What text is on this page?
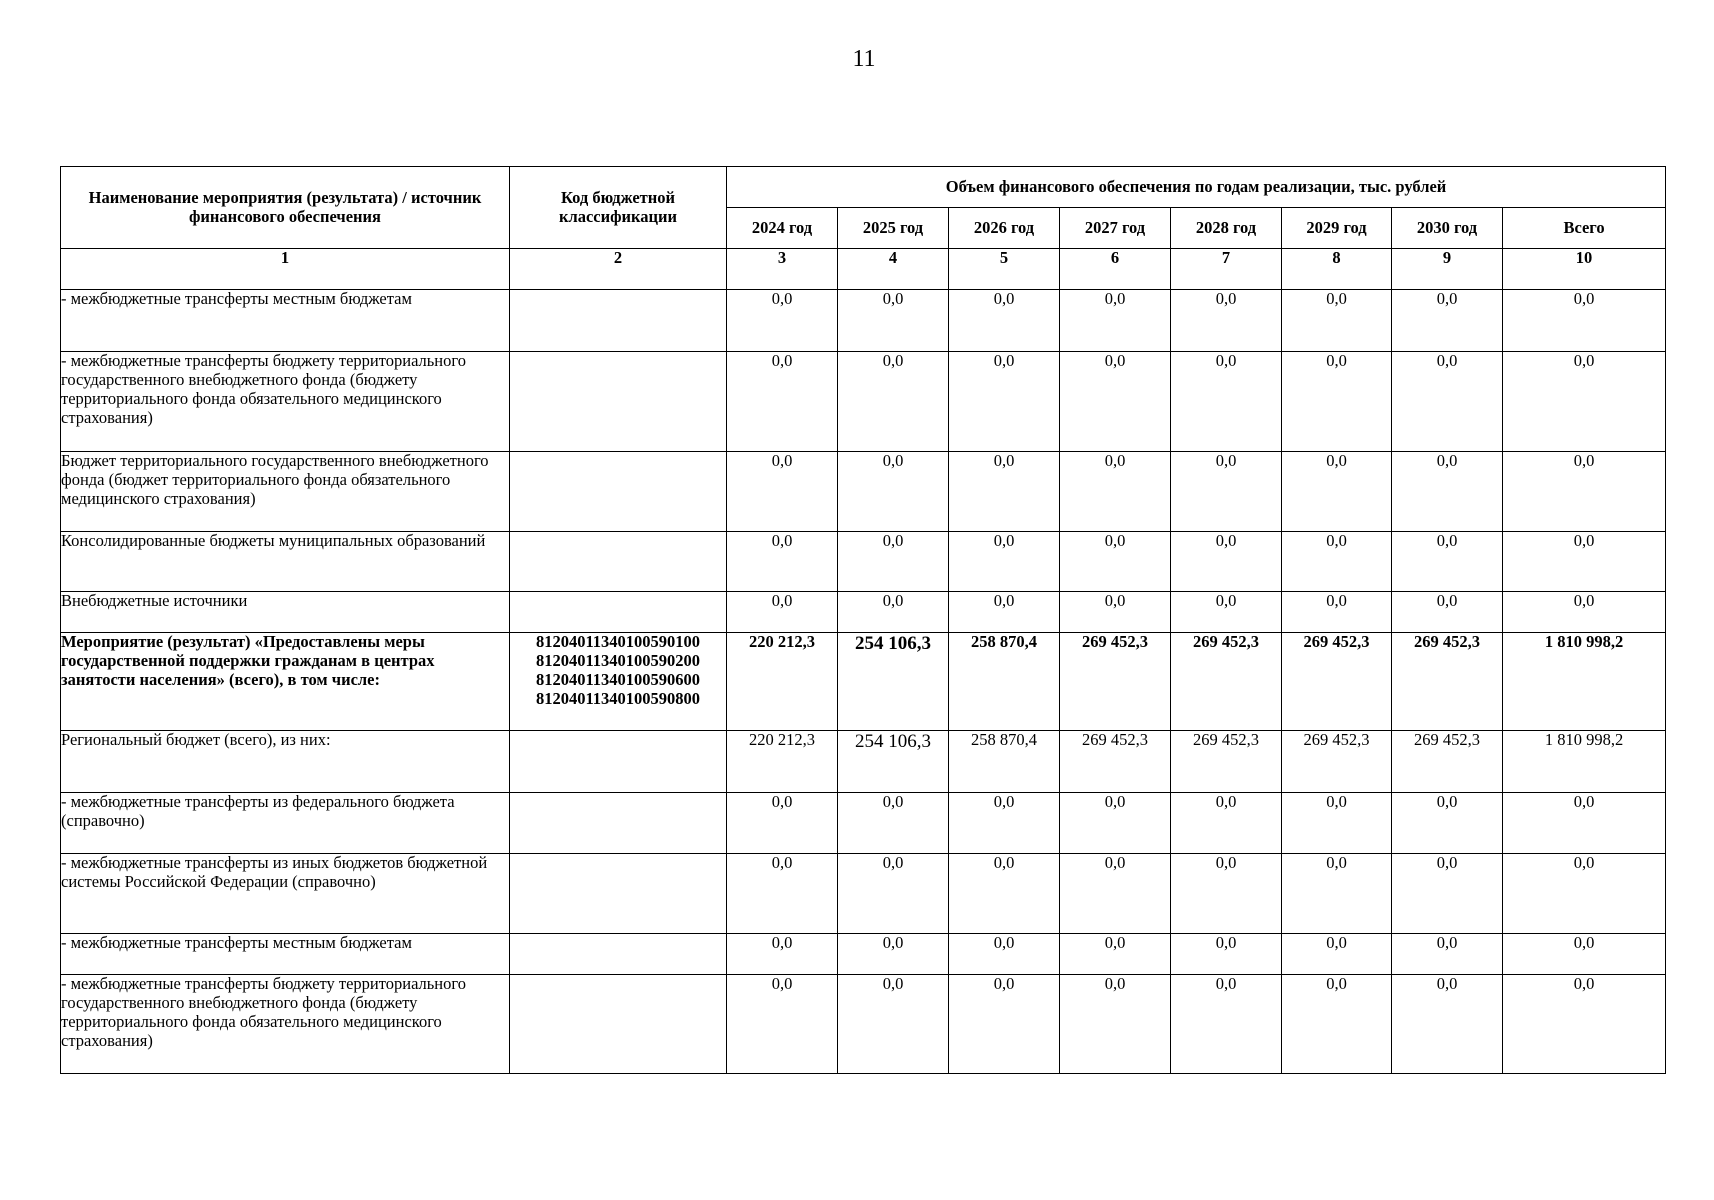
11
Наименование мероприятия (результата) / источник финансового обеспечения	Код бюджетной классификации	Объем финансового обеспечения по годам реализации, тыс. рублей							
		2024 год	2025 год	2026 год	2027 год	2028 год	2029 год	2030 год	Всего
1	2	3	4	5	6	7	8	9	10
- межбюджетные трансферты местным бюджетам		0,0	0,0	0,0	0,0	0,0	0,0	0,0	0,0
- межбюджетные трансферты бюджету территориального государственного внебюджетного фонда (бюджету территориального фонда обязательного медицинского страхования)		0,0	0,0	0,0	0,0	0,0	0,0	0,0	0,0
Бюджет территориального государственного внебюджетного фонда (бюджет территориального фонда обязательного медицинского страхования)		0,0	0,0	0,0	0,0	0,0	0,0	0,0	0,0
Консолидированные бюджеты муниципальных образований		0,0	0,0	0,0	0,0	0,0	0,0	0,0	0,0
Внебюджетные источники		0,0	0,0	0,0	0,0	0,0	0,0	0,0	0,0
Мероприятие (результат) «Предоставлены меры государственной поддержки гражданам в центрах занятости населения» (всего), в том числе:	81204011340100590100 81204011340100590200 81204011340100590600 81204011340100590800	220 212,3	254 106,3	258 870,4	269 452,3	269 452,3	269 452,3	269 452,3	1 810 998,2
Региональный бюджет (всего), из них:		220 212,3	254 106,3	258 870,4	269 452,3	269 452,3	269 452,3	269 452,3	1 810 998,2
- межбюджетные трансферты из федерального бюджета (справочно)		0,0	0,0	0,0	0,0	0,0	0,0	0,0	0,0
- межбюджетные трансферты из иных бюджетов бюджетной системы Российской Федерации (справочно)		0,0	0,0	0,0	0,0	0,0	0,0	0,0	0,0
- межбюджетные трансферты местным бюджетам		0,0	0,0	0,0	0,0	0,0	0,0	0,0	0,0
- межбюджетные трансферты бюджету территориального государственного внебюджетного фонда (бюджету территориального фонда обязательного медицинского страхования)		0,0	0,0	0,0	0,0	0,0	0,0	0,0	0,0
